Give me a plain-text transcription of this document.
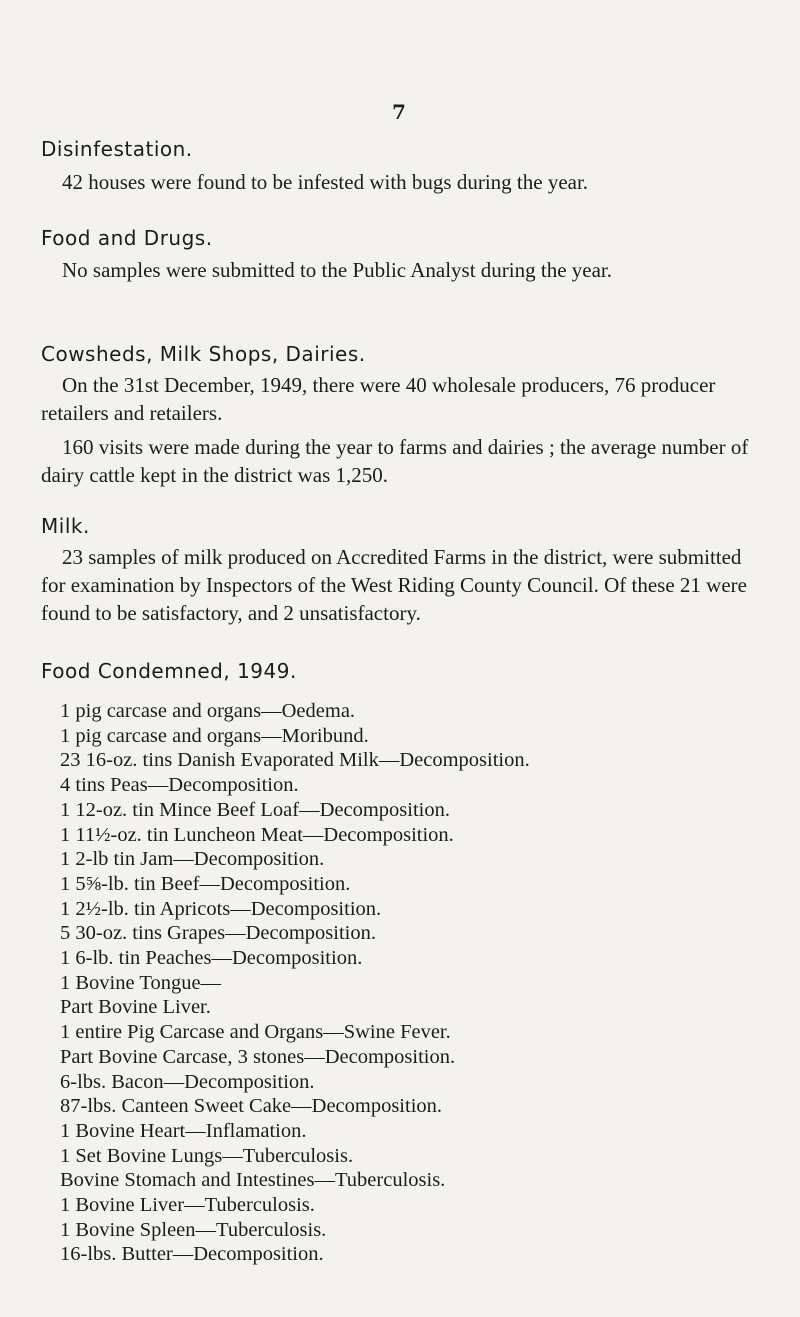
7
Disinfestation.

42 houses were found to be infested with bugs during the year.

Food and Drugs.

No samples were submitted to the Public Analyst during the year.

Cowsheds, Milk Shops, Dairies.

On the 31st December, 1949, there were 40 wholesale producers, 76 producer retailers and retailers.

160 visits were made during the year to farms and dairies ; the average number of dairy cattle kept in the district was 1,250.

Milk.

23 samples of milk produced on Accredited Farms in the district, were submitted for examination by Inspectors of the West Riding County Council. Of these 21 were found to be satisfactory, and 2 unsatisfactory.

Food Condemned, 1949.
1 pig carcase and organs—Oedema.
1 pig carcase and organs—Moribund.
23 16-oz. tins Danish Evaporated Milk—Decomposition.
4 tins Peas—Decomposition.
1 12-oz. tin Mince Beef Loaf—Decomposition.
1 11½-oz. tin Luncheon Meat—Decomposition.
1 2-lb tin Jam—Decomposition.
1 5⅝-lb. tin Beef—Decomposition.
1 2½-lb. tin Apricots—Decomposition.
5 30-oz. tins Grapes—Decomposition.
1 6-lb. tin Peaches—Decomposition.
1 Bovine Tongue—
Part Bovine Liver.
1 entire Pig Carcase and Organs—Swine Fever.
Part Bovine Carcase, 3 stones—Decomposition.
6-lbs. Bacon—Decomposition.
87-lbs. Canteen Sweet Cake—Decomposition.
1 Bovine Heart—Inflamation.
1 Set Bovine Lungs—Tuberculosis.
Bovine Stomach and Intestines—Tuberculosis.
1 Bovine Liver—Tuberculosis.
1 Bovine Spleen—Tuberculosis.
16-lbs. Butter—Decomposition.
